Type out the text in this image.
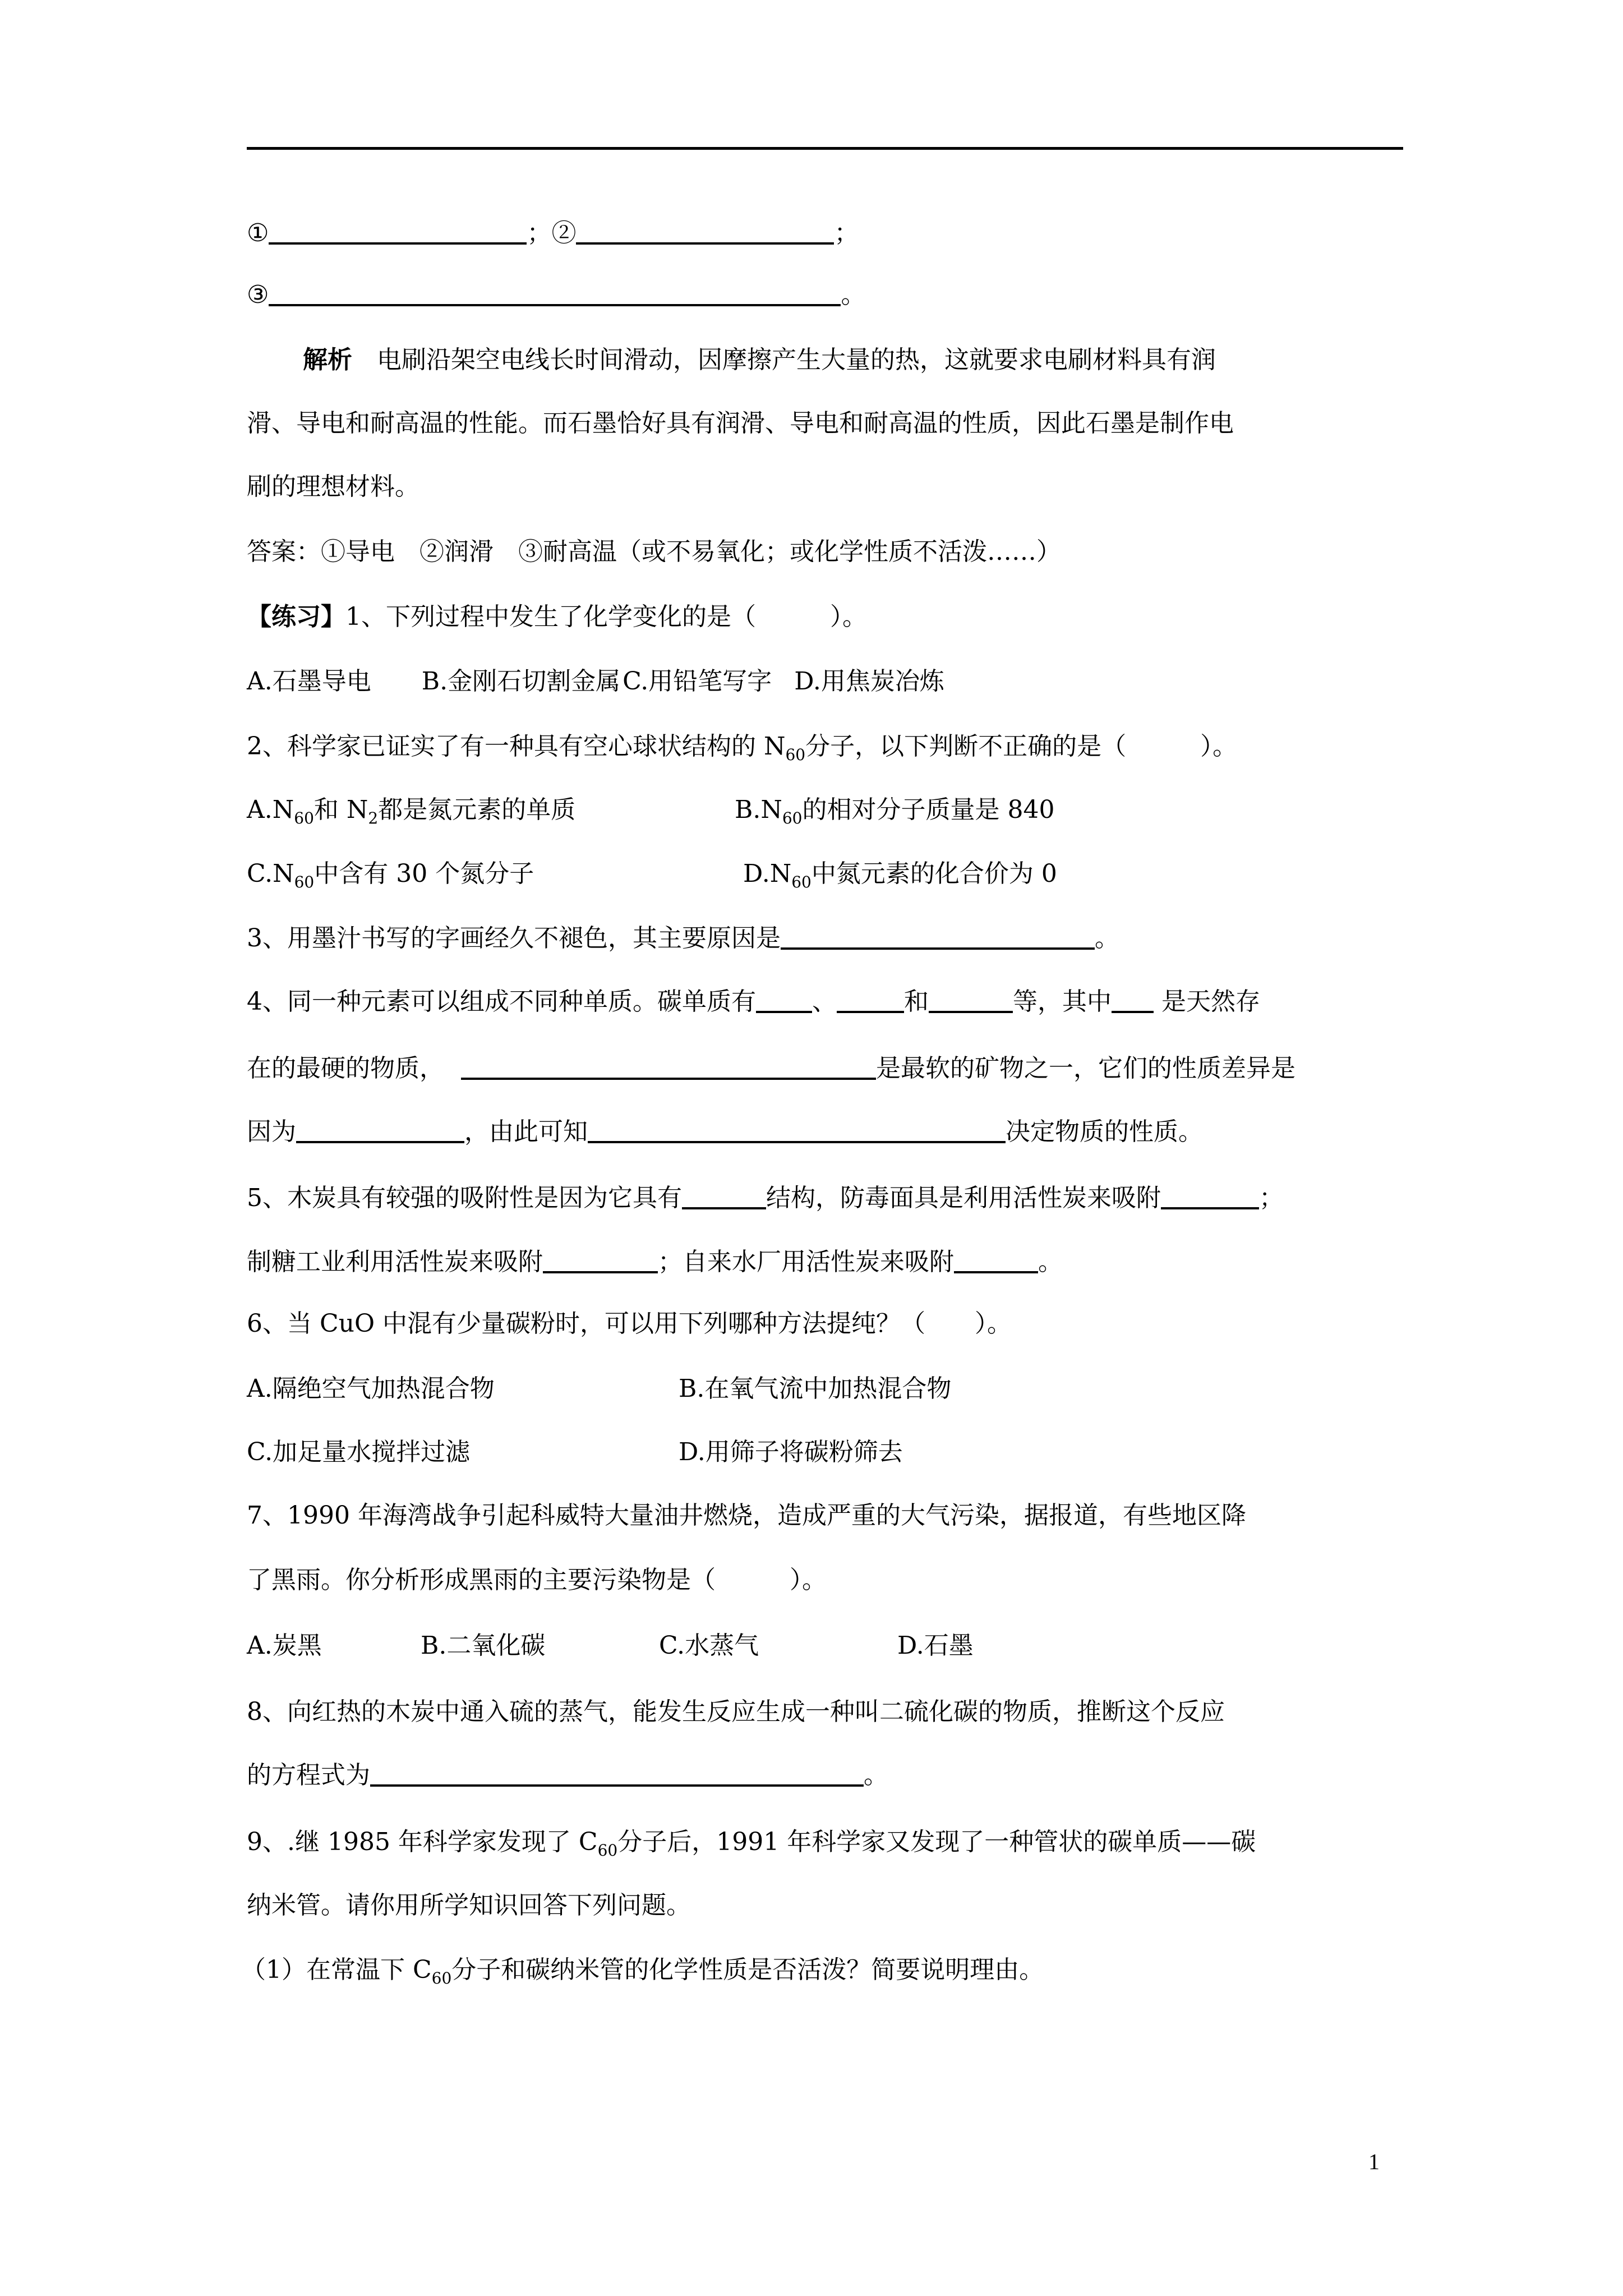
①	；②	；
③	。
解析 电刷沿架空电线长时间滑动，因摩擦产生大量的热，这就要求电刷材料具有润
滑、导电和耐高温的性能。而石墨恰好具有润滑、导电和耐高温的性质，因此石墨是制作电
刷的理想材料。
答案：①导电　②润滑　③耐高温（或不易氧化；或化学性质不活泼……）
【练习】1、下列过程中发生了化学变化的是（　　　）。
A.石墨导电 B.金刚石切割金属C.用铅笔写字 D.用焦炭冶炼
2、科学家已证实了有一种具有空心球状结构的 $N_{60}$分子，以下判断不正确的是（　　　）。
$A.N_{60}$和 $N_2$都是氮元素的单质	$B.N_{60}$的相对分子质量是 840
$C.N_{60}$中含有 30 个氮分子	$D.N_{60}$中氮元素的化合价为 0
3、用墨汁书写的字画经久不褪色，其主要原因是	。
4、同一种元素可以组成不同种单质。碳单质有 、	和	等，其中 是天然存
在的最硬的物质，	是最软的矿物之一，它们的性质差异是
因为	，由此可知	决定物质的性质。
5、木炭具有较强的吸附性是因为它具有	结构，防毒面具是利用活性炭来吸附	；
制糖工业利用活性炭来吸附	；自来水厂用活性炭来吸附	。
6、当 CuO 中混有少量碳粉时，可以用下列哪种方法提纯？（　　）。
A.隔绝空气加热混合物	B.在氧气流中加热混合物
C.加足量水搅拌过滤	D.用筛子将碳粉筛去
7、1990 年海湾战争引起科威特大量油井燃烧，造成严重的大气污染，据报道，有些地区降
了黑雨。你分析形成黑雨的主要污染物是（　　　）。
A.炭黑	B.二氧化碳	C.水蒸气	D.石墨
8、向红热的木炭中通入硫的蒸气，能发生反应生成一种叫二硫化碳的物质，推断这个反应
的方程式为	。
9、.继 1985 年科学家发现了 $C_{60}$分子后，1991 年科学家又发现了一种管状的碳单质——碳
纳米管。请你用所学知识回答下列问题。
（1）在常温下 $C_{60}$分子和碳纳米管的化学性质是否活泼？简要说明理由。
1
